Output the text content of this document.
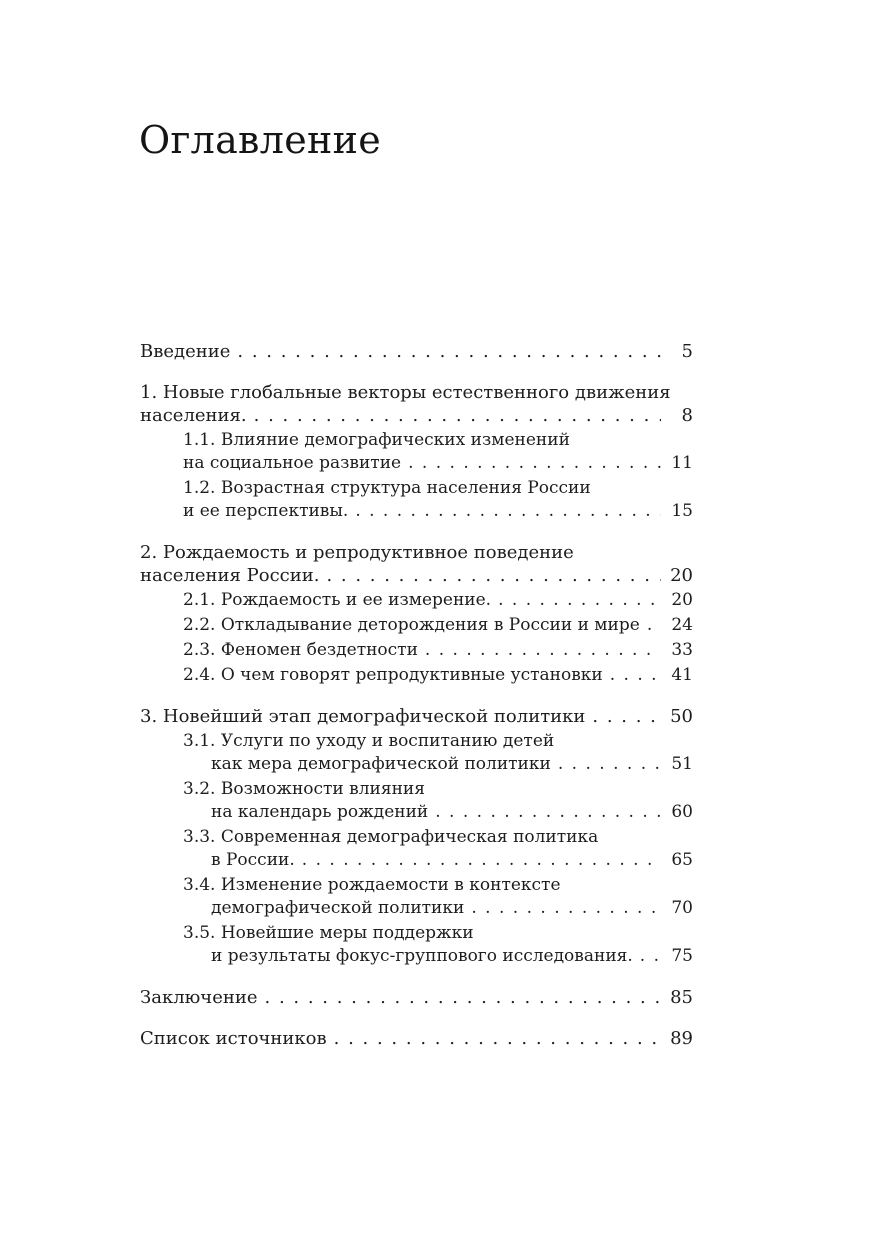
Оглавление
Введение . . .	5
1. Новые глобальные векторы естественного движения
населения. . . .	8
1.1. Влияние демографических изменений
на социальное развитие . . .	11
1.2. Возрастная структура населения России
и ее перспективы. . . .	15
2. Рождаемость и репродуктивное поведение
населения России. . . .	20
2.1. Рождаемость и ее измерение. . . .	20
2.2. Откладывание деторождения в России и мире . . . 24
2.3. Феномен бездетности . . .	33
2.4. О чем говорят репродуктивные установки . . .	41
3. Новейший этап демографической политики . . .	50
3.1. Услуги по уходу и воспитанию детей
как мера демографической политики . . .	51
3.2. Возможности влияния
на календарь рождений . . .	60
3.3. Современная демографическая политика
в России. . . .	65
3.4. Изменение рождаемости в контексте
демографической политики . . .	70
3.5. Новейшие меры поддержки
и результаты фокус-группового исследования. . . . 75
Заключение . . .	85
Список источников . . .	89
